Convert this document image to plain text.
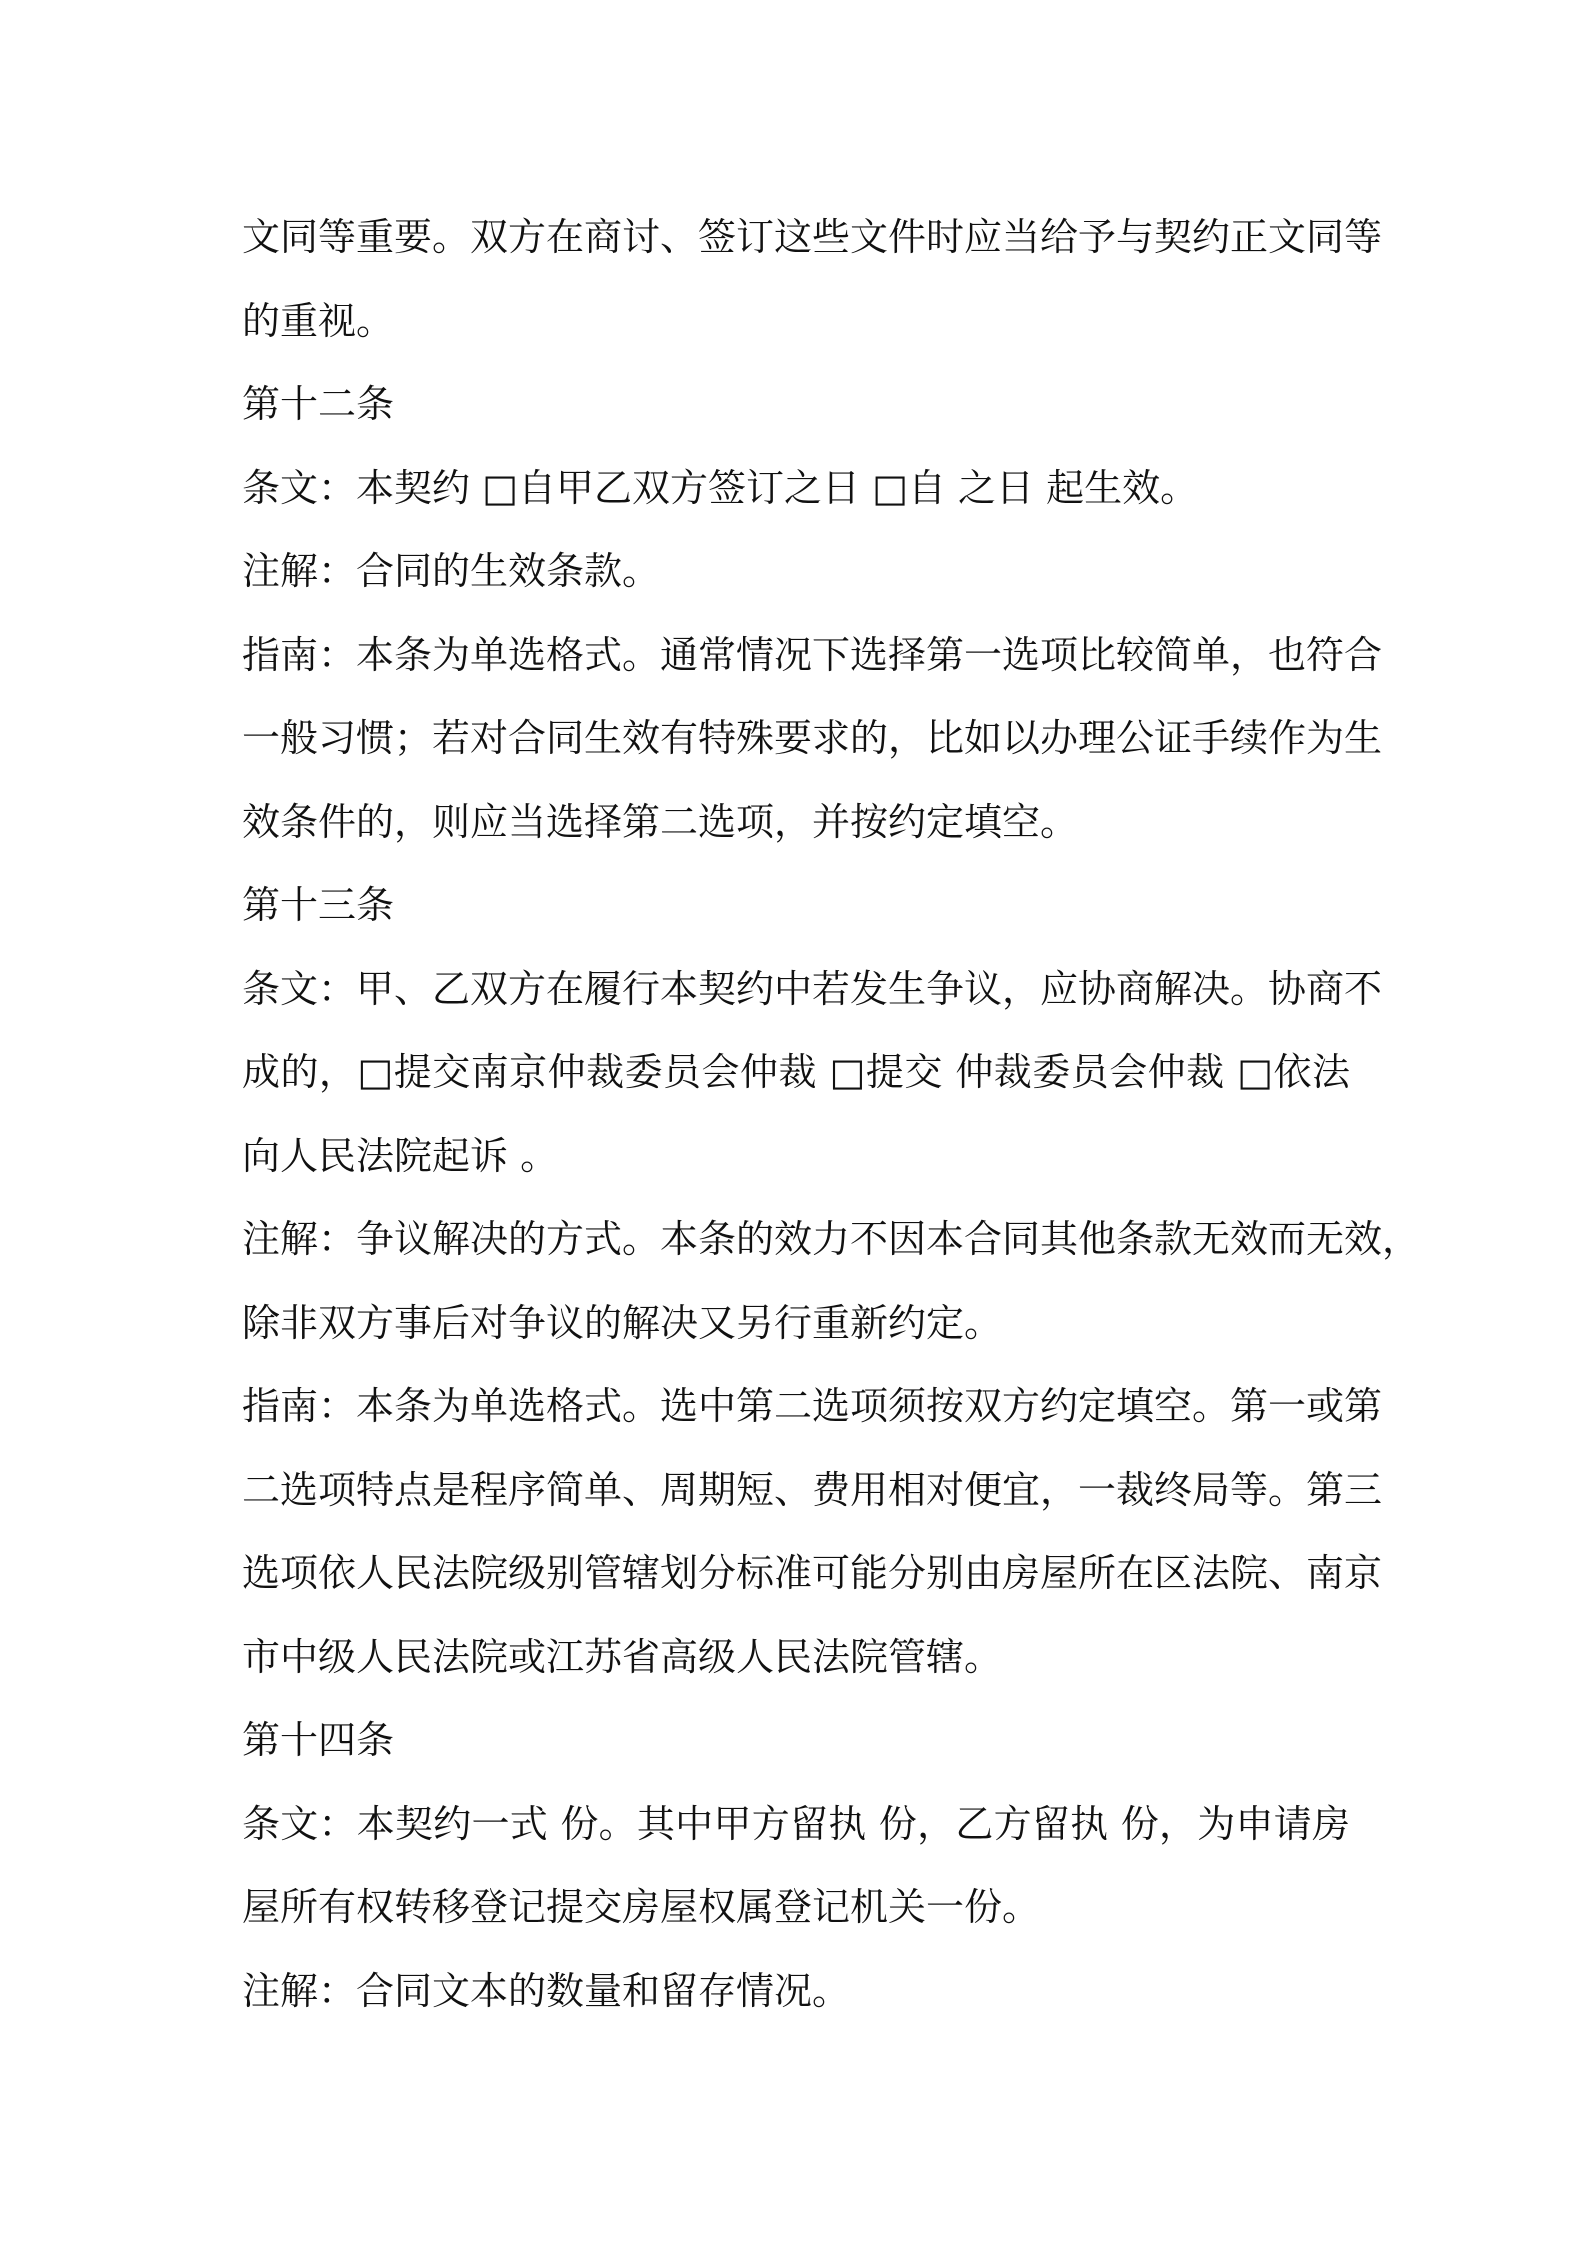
文同等重要。双方在商讨、签订这些文件时应当给予与契约正文同等
的重视。
第十二条
条文：本契约 □自甲乙双方签订之日 □自 之日 起生效。
注解：合同的生效条款。
指南：本条为单选格式。通常情况下选择第一选项比较简单，也符合
一般习惯；若对合同生效有特殊要求的，比如以办理公证手续作为生
效条件的，则应当选择第二选项，并按约定填空。
第十三条
条文：甲、乙双方在履行本契约中若发生争议，应协商解决。协商不
成的，□提交南京仲裁委员会仲裁 □提交 仲裁委员会仲裁 □依法
向人民法院起诉 。
注解：争议解决的方式。本条的效力不因本合同其他条款无效而无效，
除非双方事后对争议的解决又另行重新约定。
指南：本条为单选格式。选中第二选项须按双方约定填空。第一或第
二选项特点是程序简单、周期短、费用相对便宜，一裁终局等。第三
选项依人民法院级别管辖划分标准可能分别由房屋所在区法院、南京
市中级人民法院或江苏省高级人民法院管辖。
第十四条
条文：本契约一式 份。其中甲方留执 份，乙方留执 份，为申请房
屋所有权转移登记提交房屋权属登记机关一份。
注解：合同文本的数量和留存情况。
